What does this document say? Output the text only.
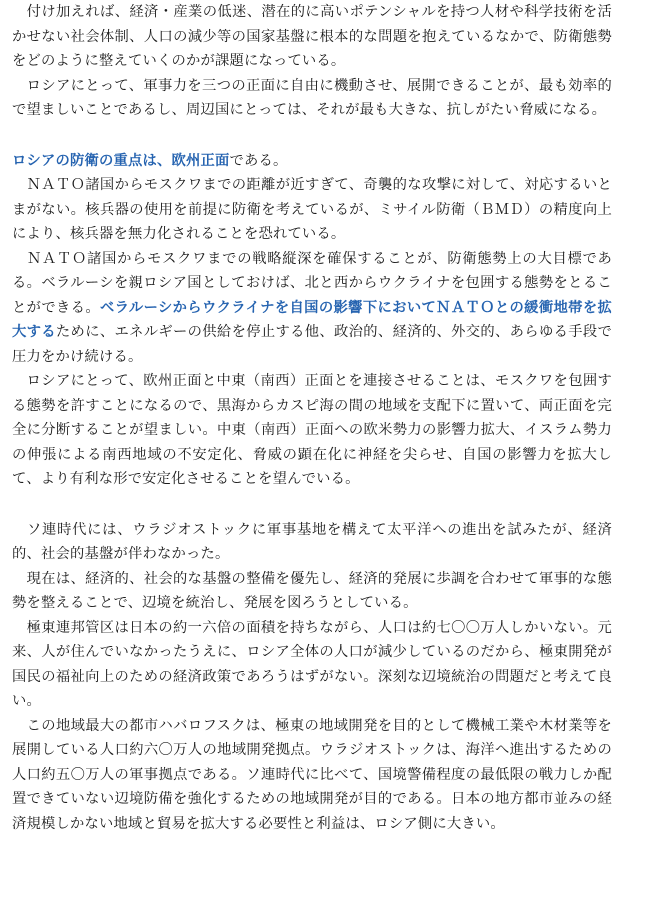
　付け加えれば、経済・産業の低迷、潜在的に高いポテンシャルを持つ人材や科学技術を活かせない社会体制、人口の減少等の国家基盤に根本的な問題を抱えているなかで、防衛態勢をどのように整えていくのかが課題になっている。

　ロシアにとって、軍事力を三つの正面に自由に機動させ、展開できることが、最も効率的で望ましいことであるし、周辺国にとっては、それが最も大きな、抗しがたい脅威になる。

ロシアの防衛の重点は、欧州正面である。

　ＮＡＴＯ諸国からモスクワまでの距離が近すぎて、奇襲的な攻撃に対して、対応するいとまがない。核兵器の使用を前提に防衛を考えているが、ミサイル防衛（ＢＭＤ）の精度向上により、核兵器を無力化されることを恐れている。

　ＮＡＴＯ諸国からモスクワまでの戦略縦深を確保することが、防衛態勢上の大目標である。ベラルーシを親ロシア国としておけば、北と西からウクライナを包囲する態勢をとることができる。ベラルーシからウクライナを自国の影響下においてＮＡＴＯとの緩衝地帯を拡大するために、エネルギーの供給を停止する他、政治的、経済的、外交的、あらゆる手段で圧力をかけ続ける。

　ロシアにとって、欧州正面と中東（南西）正面とを連接させることは、モスクワを包囲する態勢を許すことになるので、黒海からカスピ海の間の地域を支配下に置いて、両正面を完全に分断することが望ましい。中東（南西）正面への欧米勢力の影響力拡大、イスラム勢力の伸張による南西地域の不安定化、脅威の顕在化に神経を尖らせ、自国の影響力を拡大して、より有利な形で安定化させることを望んでいる。

　ソ連時代には、ウラジオストックに軍事基地を構えて太平洋への進出を試みたが、経済的、社会的基盤が伴わなかった。

　現在は、経済的、社会的な基盤の整備を優先し、経済的発展に歩調を合わせて軍事的な態勢を整えることで、辺境を統治し、発展を図ろうとしている。

　極東連邦管区は日本の約一六倍の面積を持ちながら、人口は約七〇〇万人しかいない。元来、人が住んでいなかったうえに、ロシア全体の人口が減少しているのだから、極東開発が国民の福祉向上のための経済政策であろうはずがない。深刻な辺境統治の問題だと考えて良い。

　この地域最大の都市ハバロフスクは、極東の地域開発を目的として機械工業や木材業等を展開している人口約六〇万人の地域開発拠点。ウラジオストックは、海洋へ進出するための人口約五〇万人の軍事拠点である。ソ連時代に比べて、国境警備程度の最低限の戦力しか配置できていない辺境防備を強化するための地域開発が目的である。日本の地方都市並みの経済規模しかない地域と貿易を拡大する必要性と利益は、ロシア側に大きい。
